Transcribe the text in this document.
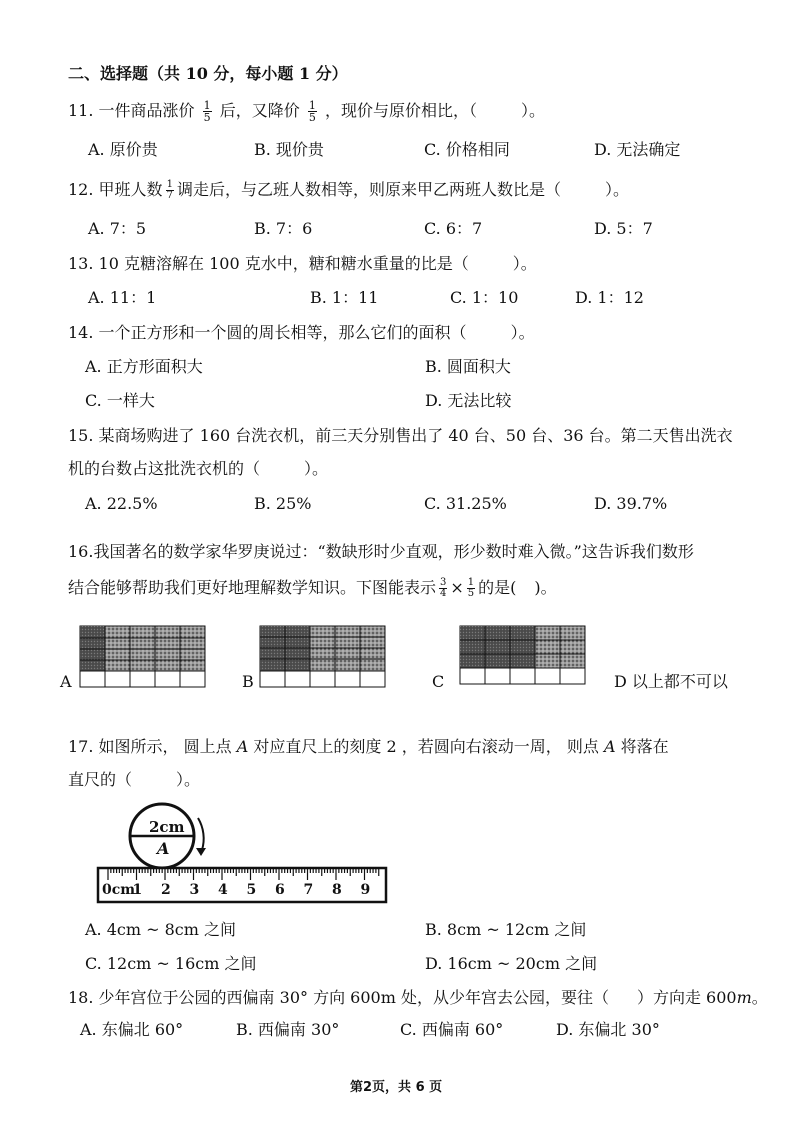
二、选择题（共 10 分，每小题 1 分）
11. 一件商品涨价 $\frac{1}{5}$ 后，又降价 $\frac{1}{5}$ ，现价与原价相比，（	）。
A. 原价贵	B. 现价贵	C. 价格相同	D. 无法确定
12. 甲班人数 $\frac{1}{7}$ 调走后，与乙班人数相等，则原来甲乙两班人数比是（	）。
A. 7：5	B. 7：6	C. 6：7	D. 5：7
13. 10 克糖溶解在 100 克水中，糖和糖水重量的比是（	）。
A. 11：1	B. 1：11	C. 1：10	D. 1：12
14. 一个正方形和一个圆的周长相等，那么它们的面积（	）。
A. 正方形面积大	B. 圆面积大
C. 一样大	D. 无法比较
15. 某商场购进了 160 台洗衣机，前三天分别售出了 40 台、50 台、36 台。第二天售出洗衣
机的台数占这批洗衣机的（	）。
A. 22.5%	B. 25%	C. 31.25%	D. 39.7%
16.我国著名的数学家华罗庚说过：“数缺形时少直观，形少数时难入微。”这告诉我们数形
结合能够帮助我们更好地理解数学知识。下图能表示 $\frac{3}{4} \times \frac{1}{5}$ 的是( )。
A	B	C	D 以上都不可以
17. 如图所示， 圆上点 A 对应直尺上的刻度 2 ，若圆向右滚动一周， 则点 A 将落在
直尺的（	）。
2cm
A
0cm
1 2 3 4 5 6 7 8 9
A. 4cm ~ 8cm 之间	B. 8cm ~ 12cm 之间
C. 12cm ~ 16cm 之间	D. 16cm ~ 20cm 之间
18. 少年宫位于公园的西偏南 30° 方向 600m 处，从少年宫去公园，要往（ ）方向走 600m。
A. 东偏北 60°	B. 西偏南 30°	C. 西偏南 60°	D. 东偏北 30°
第2页，共 6 页
